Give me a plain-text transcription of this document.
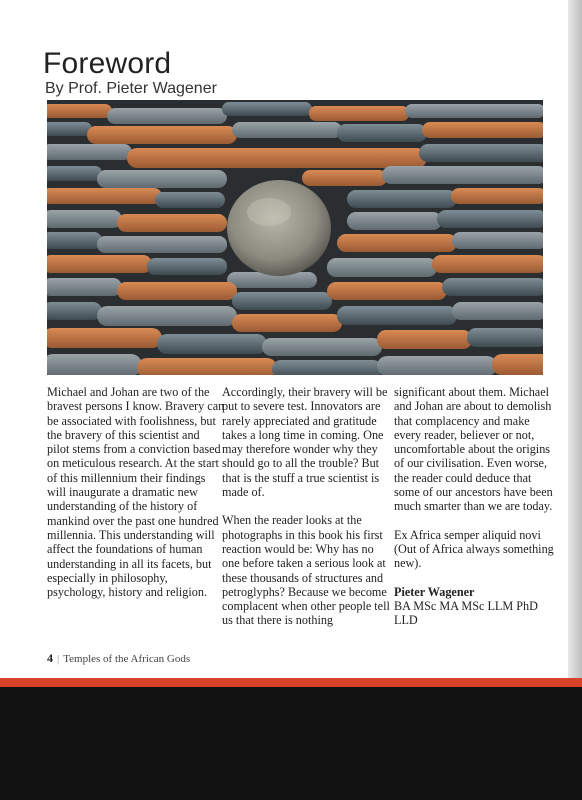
Foreword
By Prof. Pieter Wagener

Michael and Johan are two of the bravest persons I know. Bravery can be associated with foolishness, but the bravery of this scientist and pilot stems from a conviction based on meticulous research. At the start of this millennium their findings will inaugurate a dramatic new understanding of the history of mankind over the past one hundred millennia. This understanding will affect the foundations of human understanding in all its facets, but especially in philosophy, psychology, history and religion.

Accordingly, their bravery will be put to severe test. Innovators are rarely appreciated and gratitude takes a long time in coming. One may therefore wonder why they should go to all the trouble? But that is the stuff a true scientist is made of.

When the reader looks at the photographs in this book his first reaction would be: Why has no one before taken a serious look at these thousands of structures and petroglyphs? Because we become complacent when other people tell us that there is nothing

significant about them. Michael and Johan are about to demolish that complacency and make every reader, believer or not, uncomfortable about the origins of our civilisation. Even worse, the reader could deduce that some of our ancestors have been much smarter than we are today.

Ex Africa semper aliquid novi (Out of Africa always something new).

Pieter Wagener

BA MSc MA MSc LLM PhD LLD

4 | Temples of the African Gods
